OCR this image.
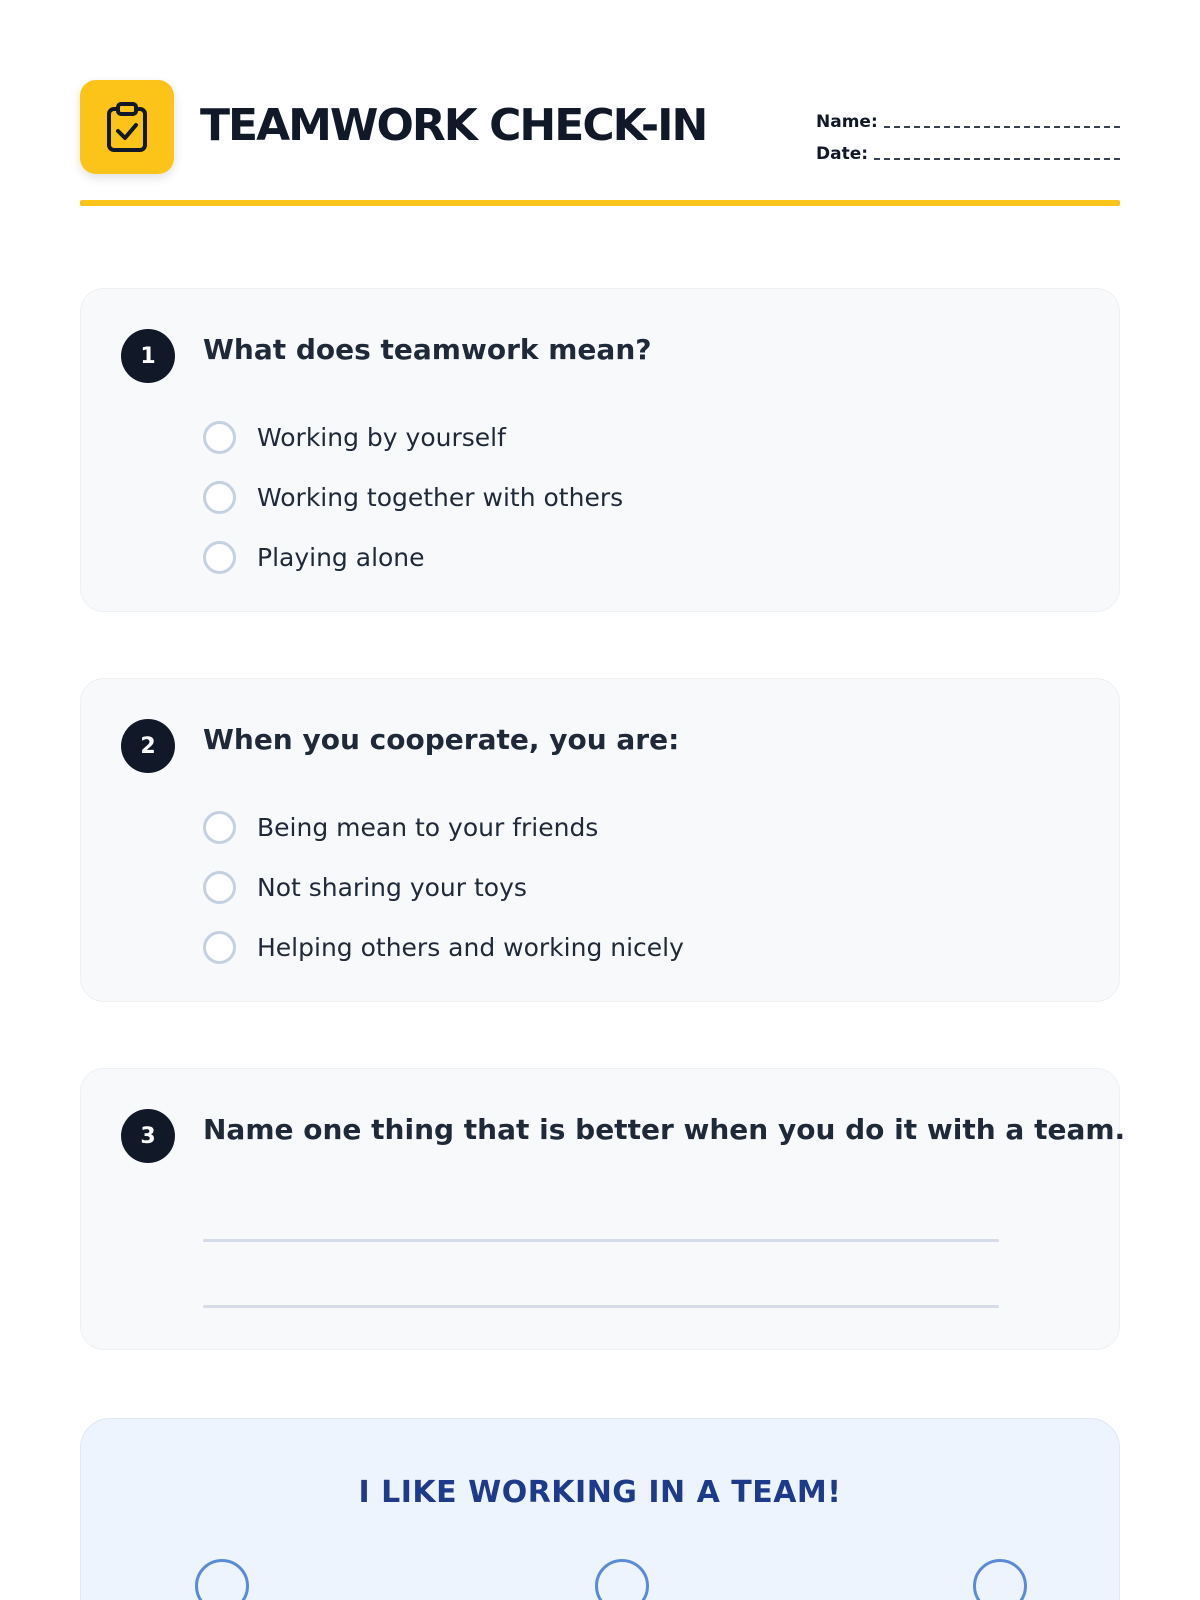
TEAMWORK CHECK-IN	Name:
Date:
1	What does teamwork mean?
Working by yourself
Working together with others
Playing alone
2	When you cooperate, you are:
Being mean to your friends
Not sharing your toys
Helping others and working nicely
3	Name one thing that is better when you do it with a team.
I LIKE WORKING IN A TEAM!
